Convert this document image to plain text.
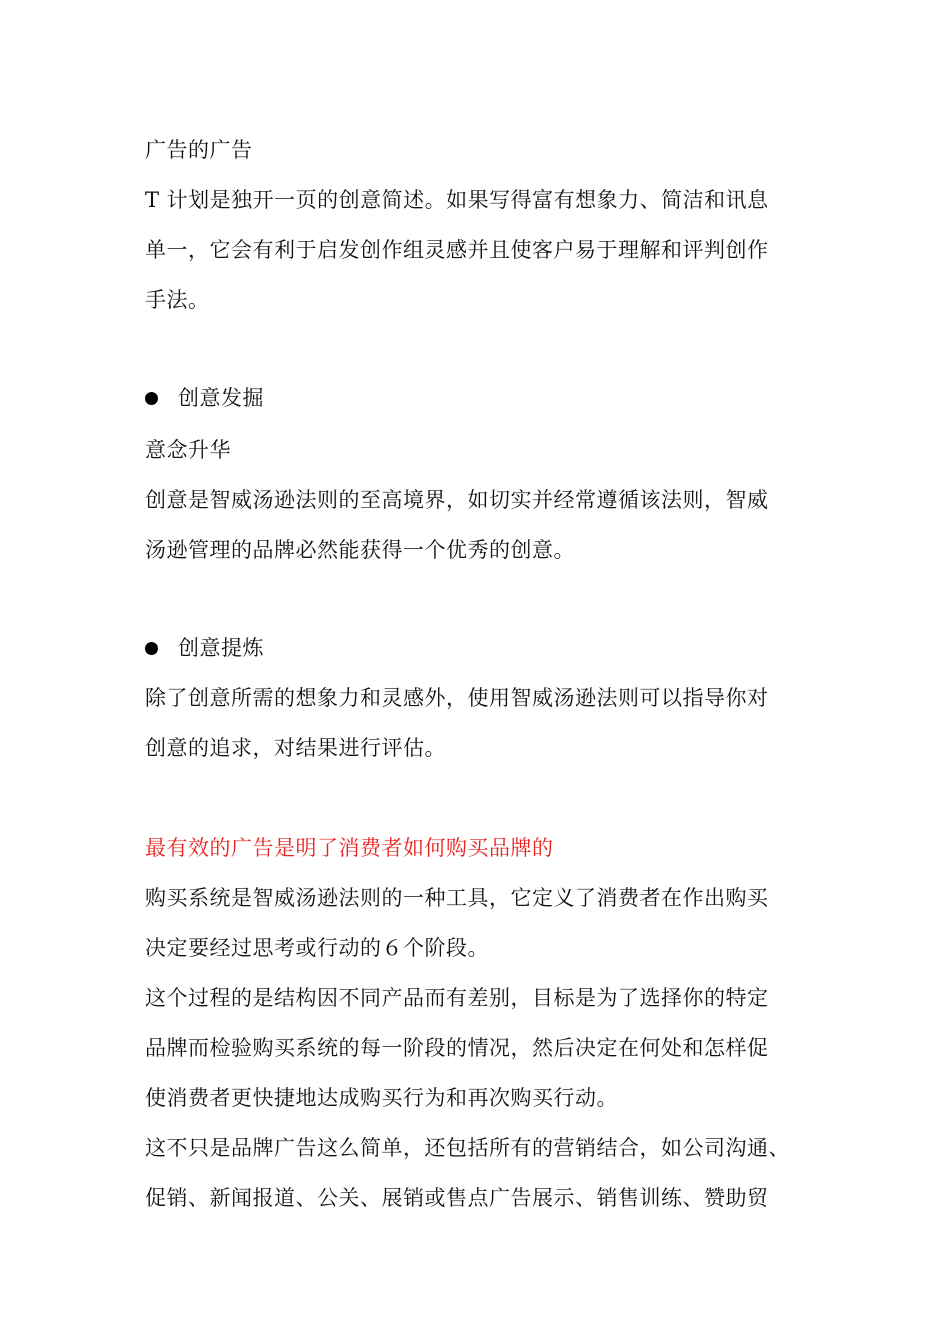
广告的广告
T 计划是独开一页的创意简述。如果写得富有想象力、简洁和讯息
单一，它会有利于启发创作组灵感并且使客户易于理解和评判创作
手法。
创意发掘
意念升华
创意是智威汤逊法则的至高境界，如切实并经常遵循该法则，智威
汤逊管理的品牌必然能获得一个优秀的创意。
创意提炼
除了创意所需的想象力和灵感外，使用智威汤逊法则可以指导你对
创意的追求，对结果进行评估。
最有效的广告是明了消费者如何购买品牌的
购买系统是智威汤逊法则的一种工具，它定义了消费者在作出购买
决定要经过思考或行动的６个阶段。
这个过程的是结构因不同产品而有差别，目标是为了选择你的特定
品牌而检验购买系统的每一阶段的情况，然后决定在何处和怎样促
使消费者更快捷地达成购买行为和再次购买行动。
这不只是品牌广告这么简单，还包括所有的营销结合，如公司沟通、
促销、新闻报道、公关、展销或售点广告展示、销售训练、赞助贸
